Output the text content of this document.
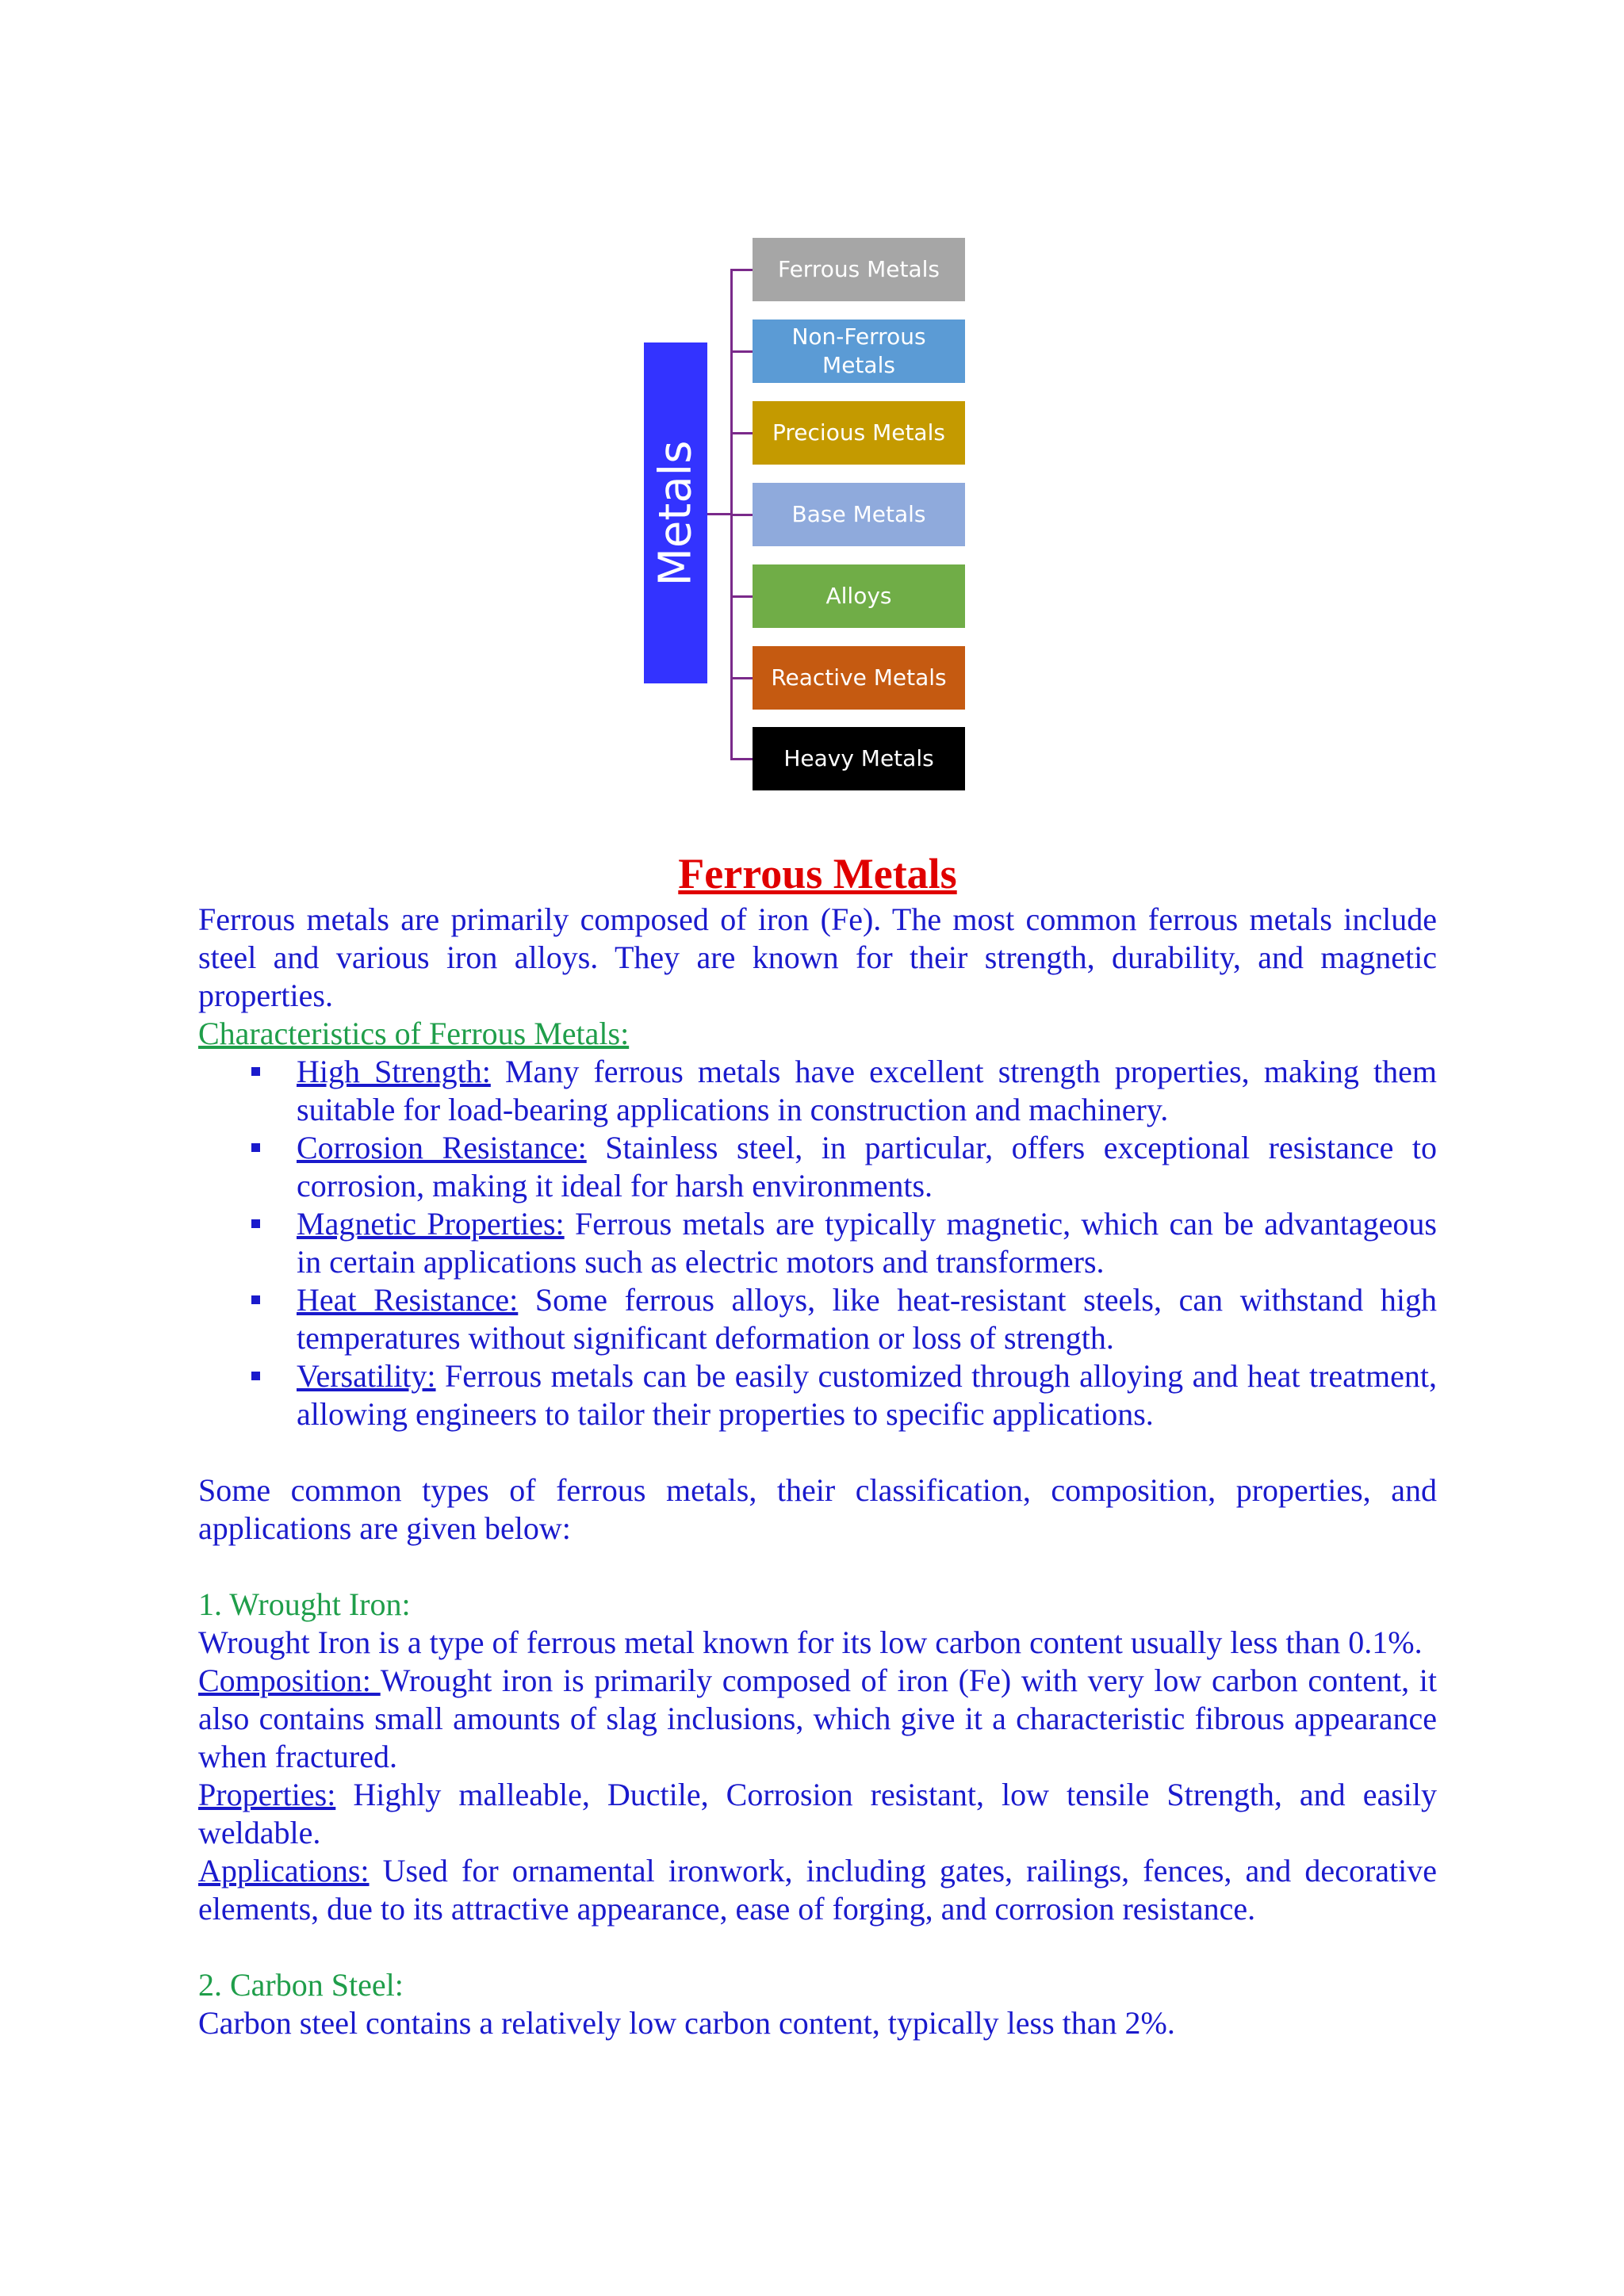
Metals
Ferrous Metals
Non-Ferrous Metals
Precious Metals
Base Metals
Alloys
Reactive Metals
Heavy Metals
Ferrous Metals

Ferrous metals are primarily composed of iron (Fe). The most common ferrous metals include steel and various iron alloys. They are known for their strength, durability, and magnetic properties.

Characteristics of Ferrous Metals:

High Strength: Many ferrous metals have excellent strength properties, making them suitable for load-bearing applications in construction and machinery.
Corrosion Resistance: Stainless steel, in particular, offers exceptional resistance to corrosion, making it ideal for harsh environments.
Magnetic Properties: Ferrous metals are typically magnetic, which can be advantageous in certain applications such as electric motors and transformers.
Heat Resistance: Some ferrous alloys, like heat-resistant steels, can withstand high temperatures without significant deformation or loss of strength.
Versatility: Ferrous metals can be easily customized through alloying and heat treatment, allowing engineers to tailor their properties to specific applications.

Some common types of ferrous metals, their classification, composition, properties, and applications are given below:

1. Wrought Iron:

Wrought Iron is a type of ferrous metal known for its low carbon content usually less than 0.1%.

Composition: Wrought iron is primarily composed of iron (Fe) with very low carbon content, it also contains small amounts of slag inclusions, which give it a characteristic fibrous appearance when fractured.

Properties: Highly malleable, Ductile, Corrosion resistant, low tensile Strength, and easily weldable.

Applications: Used for ornamental ironwork, including gates, railings, fences, and decorative elements, due to its attractive appearance, ease of forging, and corrosion resistance.

2. Carbon Steel:

Carbon steel contains a relatively low carbon content, typically less than 2%.
